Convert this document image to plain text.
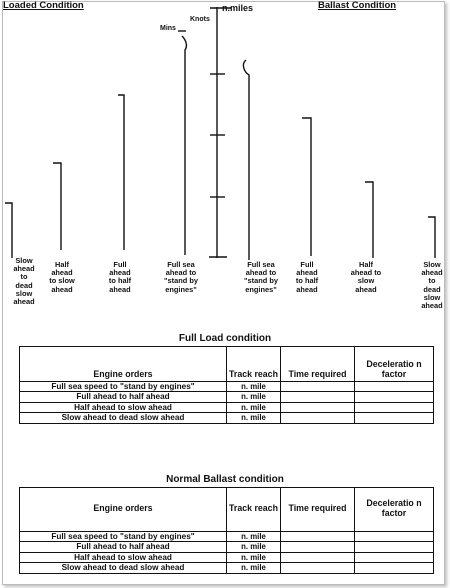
Loaded Condition	Ballast Condition
Mins
Knots
n.miles
Slow
ahead
to
dead
slow
ahead
Half
ahead
to slow
ahead
Full
ahead
to half
ahead
Full sea
ahead to
"stand by
engines"
Full sea
ahead to
"stand by
engines"
Full
ahead
to half
ahead
Half
ahead to
slow
ahead
Slow
ahead
to
dead
slow
ahead
Full Load condition
Engine orders	Track reach	Time required	Deceleratio n factor
Full sea speed to "stand by engines"	n. mile		
Full ahead to half ahead	n. mile		
Half ahead to slow ahead	n. mile		
Slow ahead to dead slow ahead	n. mile		
Normal Ballast condition
Engine orders	Track reach	Time required	Deceleratio n factor
Full sea speed to "stand by engines"	n. mile		
Full ahead to half ahead	n. mile		
Half ahead to slow ahead	n. mile		
Slow ahead to dead slow ahead	n. mile		
